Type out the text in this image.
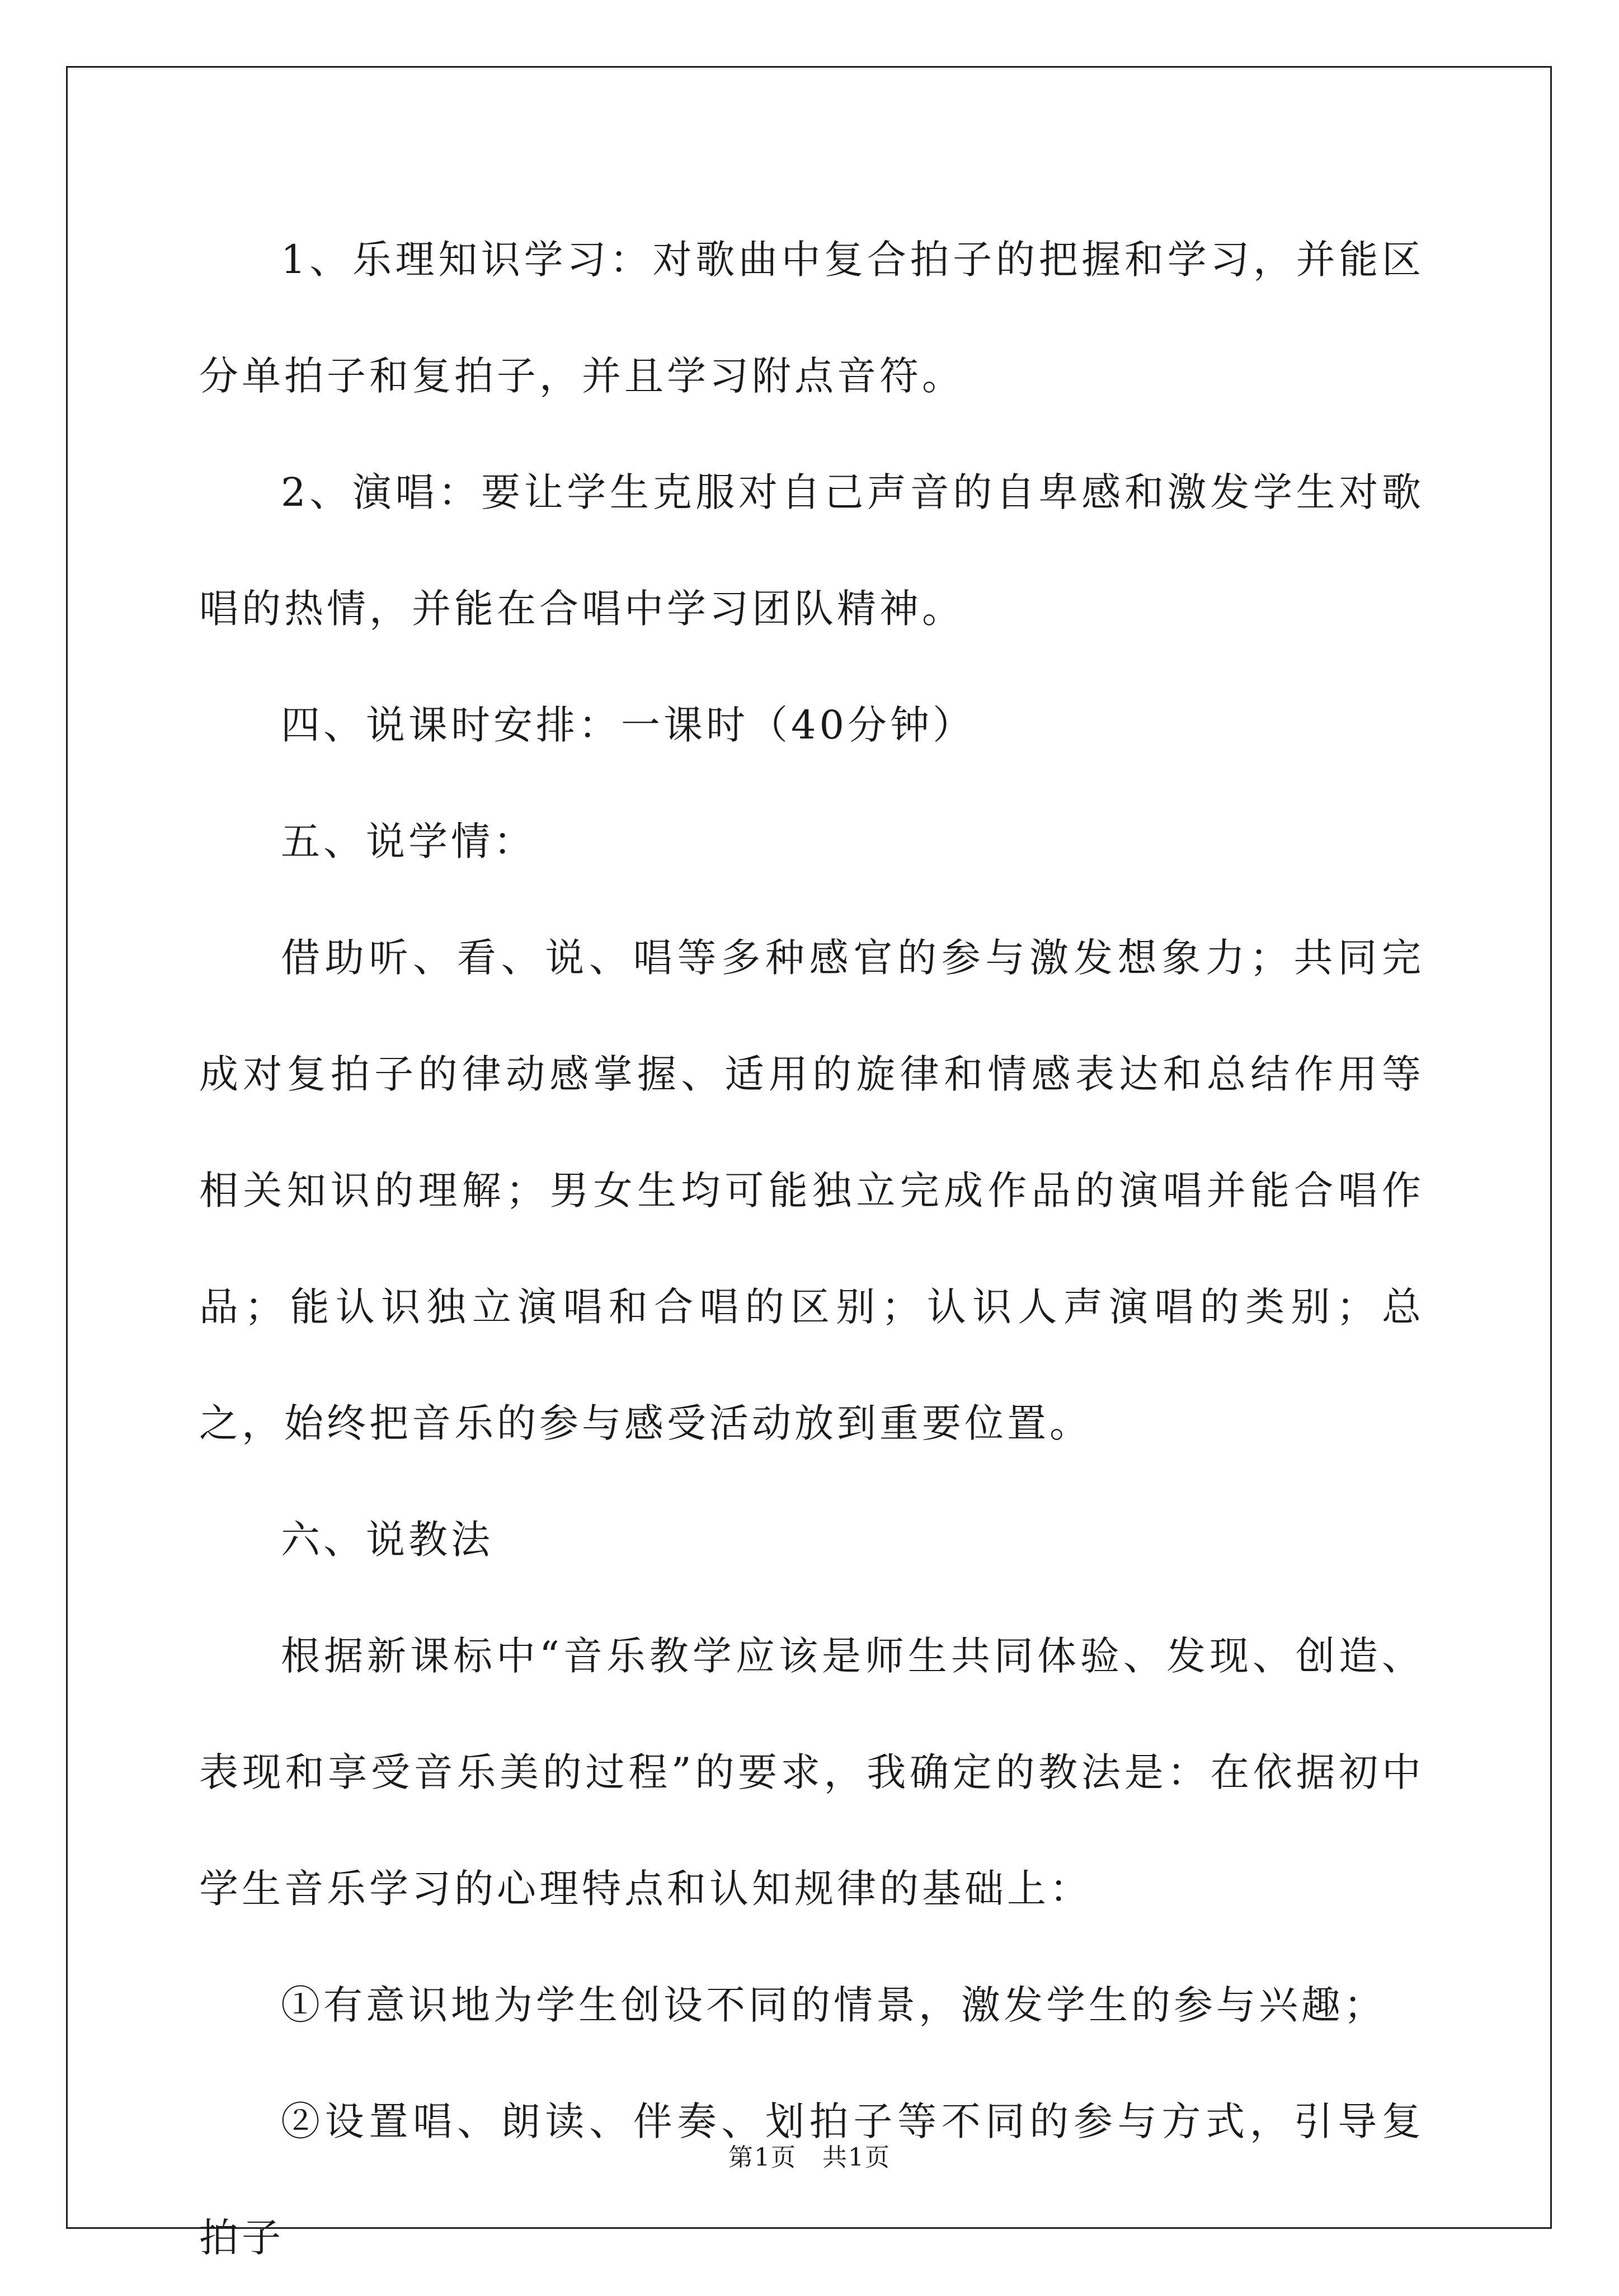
1、乐理知识学习：对歌曲中复合拍子的把握和学习，并能区分单拍子和复拍子，并且学习附点音符。

2、演唱：要让学生克服对自己声音的自卑感和激发学生对歌唱的热情，并能在合唱中学习团队精神。

四、说课时安排：一课时（40分钟）

五、说学情：

借助听、看、说、唱等多种感官的参与激发想象力；共同完成对复拍子的律动感掌握、适用的旋律和情感表达和总结作用等相关知识的理解；男女生均可能独立完成作品的演唱并能合唱作品；能认识独立演唱和合唱的区别；认识人声演唱的类别；总之，始终把音乐的参与感受活动放到重要位置。

六、说教法

根据新课标中“音乐教学应该是师生共同体验、发现、创造、表现和享受音乐美的过程”的要求，我确定的教法是：在依据初中学生音乐学习的心理特点和认知规律的基础上：

①有意识地为学生创设不同的情景，激发学生的参与兴趣；

②设置唱、朗读、伴奏、划拍子等不同的参与方式，引导复拍子

第1页　共1页
